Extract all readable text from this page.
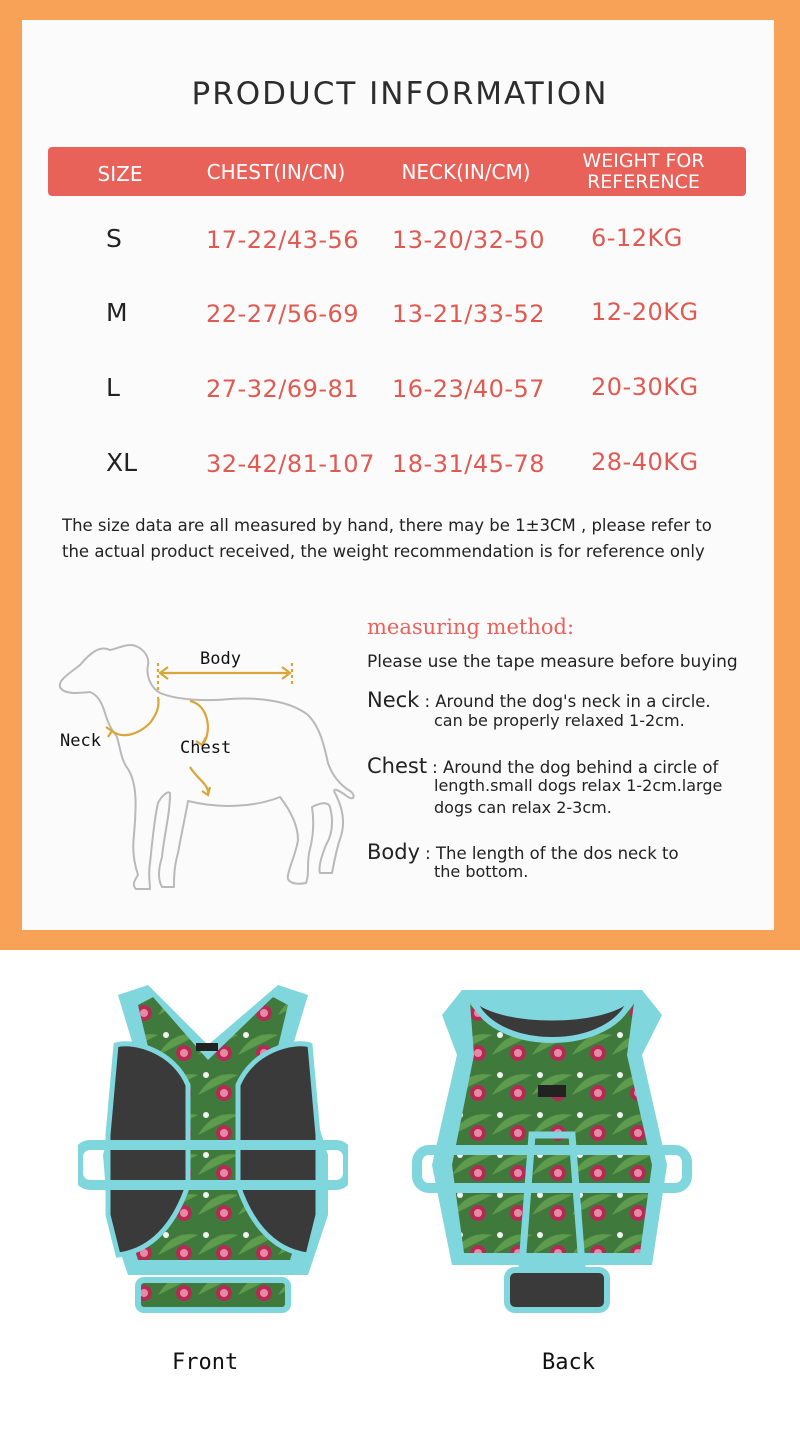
PRODUCT INFORMATION
SIZE	CHEST(IN/CN)	NECK(IN/CM)	WEIGHT FOR
REFERENCE
S	17-22/43-56 13-20/32-50 6-12KG
M	22-27/56-69 13-21/33-52 12-20KG
L	27-32/69-81 16-23/40-57 20-30KG
XL	32-42/81-107 18-31/45-78 28-40KG
The size data are all measured by hand, there may be 1±3CM , please refer to
the actual product received, the weight recommendation is for reference only
Body
Neck	Chest
measuring method:
Please use the tape measure before buying
Neck : Around the dog's neck in a circle.
can be properly relaxed 1-2cm.
Chest : Around the dog behind a circle of
length.small dogs relax 1-2cm.large
dogs can relax 2-3cm.
Body : The length of the dos neck to
the bottom.
Front	Back
